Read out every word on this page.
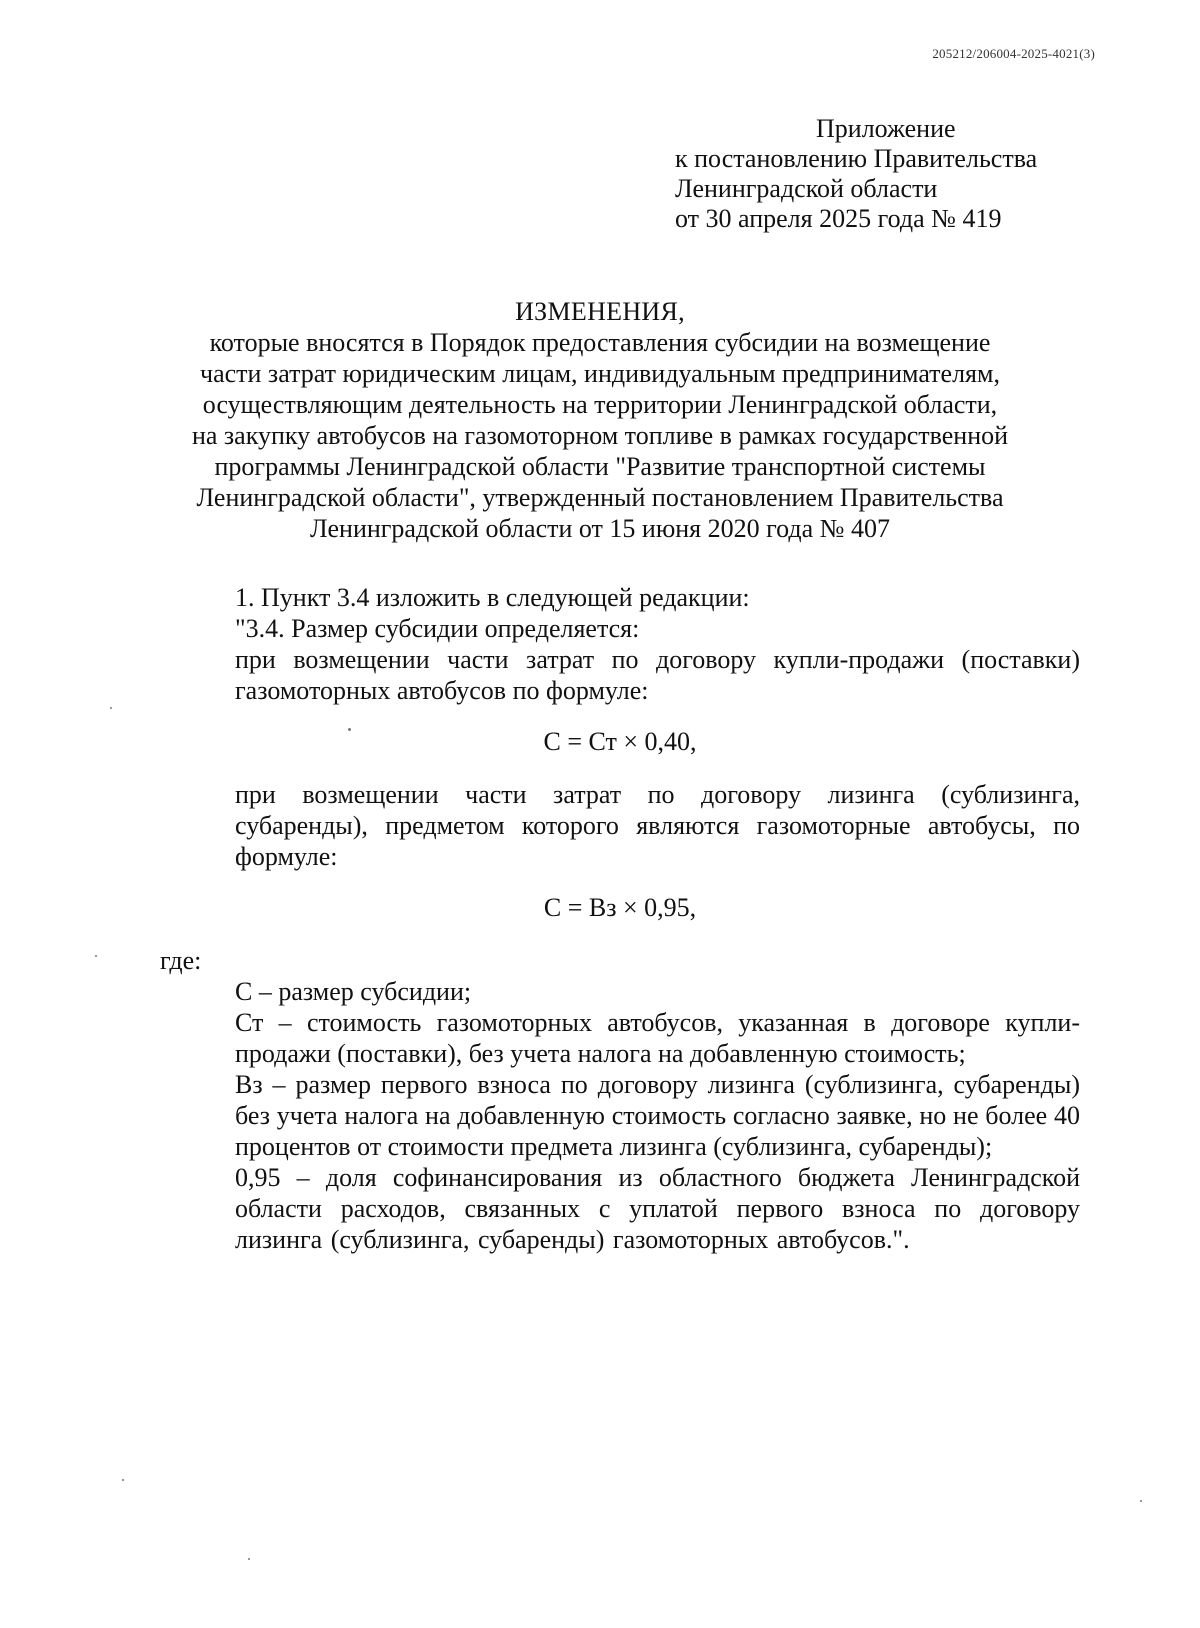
205212/206004-2025-4021(3)
Приложение
к постановлению Правительства
Ленинградской области
от 30 апреля 2025 года № 419
ИЗМЕНЕНИЯ,
которые вносятся в Порядок предоставления субсидии на возмещение
части затрат юридическим лицам, индивидуальным предпринимателям,
осуществляющим деятельность на территории Ленинградской области,
на закупку автобусов на газомоторном топливе в рамках государственной
программы Ленинградской области "Развитие транспортной системы
Ленинградской области", утвержденный постановлением Правительства
Ленинградской области от 15 июня 2020 года № 407
1. Пункт 3.4 изложить в следующей редакции:
"3.4. Размер субсидии определяется:
при возмещении части затрат по договору купли-продажи (поставки) газомоторных автобусов по формуле:
С = Ст × 0,40,
при возмещении части затрат по договору лизинга (сублизинга, субаренды), предметом которого являются газомоторные автобусы, по формуле:
С = Вз × 0,95,
где:
С – размер субсидии;
Ст – стоимость газомоторных автобусов, указанная в договоре купли-продажи (поставки), без учета налога на добавленную стоимость;
Вз – размер первого взноса по договору лизинга (сублизинга, субаренды) без учета налога на добавленную стоимость согласно заявке, но не более 40 процентов от стоимости предмета лизинга (сублизинга, субаренды);
0,95 – доля софинансирования из областного бюджета Ленинградской области расходов, связанных с уплатой первого взноса по договору лизинга (сублизинга, субаренды) газомоторных автобусов.".
